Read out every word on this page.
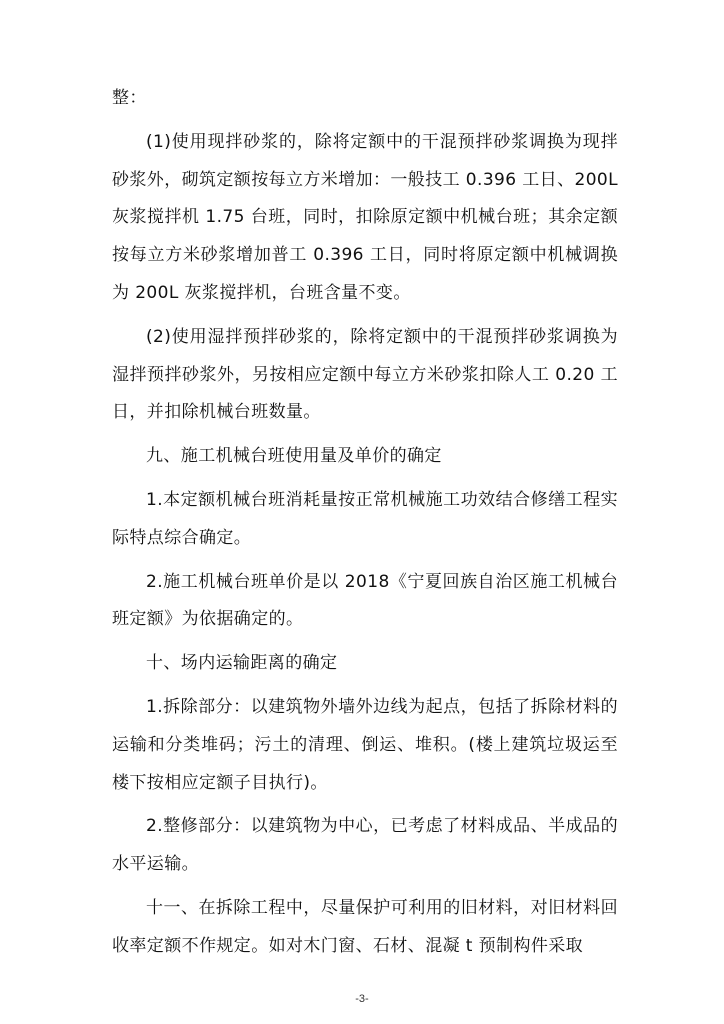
整：

(1)使用现拌砂浆的，除将定额中的干混预拌砂浆调换为现拌砂浆外，砌筑定额按每立方米增加：一般技工 0.396 工日、200L 灰浆搅拌机 1.75 台班，同时，扣除原定额中机械台班；其余定额按每立方米砂浆增加普工 0.396 工日，同时将原定额中机械调换为 200L 灰浆搅拌机，台班含量不变。

(2)使用湿拌预拌砂浆的，除将定额中的干混预拌砂浆调换为湿拌预拌砂浆外，另按相应定额中每立方米砂浆扣除人工 0.20 工日，并扣除机械台班数量。

九、施工机械台班使用量及单价的确定

1.本定额机械台班消耗量按正常机械施工功效结合修缮工程实际特点综合确定。

2.施工机械台班单价是以 2018《宁夏回族自治区施工机械台班定额》为依据确定的。

十、场内运输距离的确定

1.拆除部分：以建筑物外墙外边线为起点，包括了拆除材料的运输和分类堆码；污土的清理、倒运、堆积。(楼上建筑垃圾运至楼下按相应定额子目执行)。

2.整修部分：以建筑物为中心，已考虑了材料成品、半成品的水平运输。

十一、在拆除工程中，尽量保护可利用的旧材料，对旧材料回收率定额不作规定。如对木门窗、石材、混凝 t 预制构件采取

-3-
